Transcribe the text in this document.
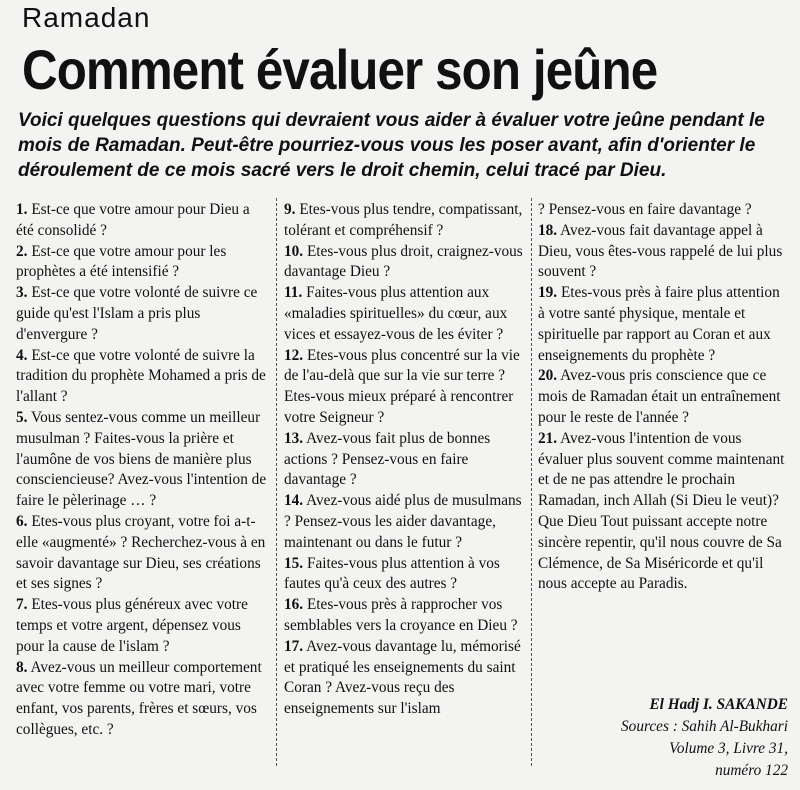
Ramadan
Comment évaluer son jeûne
Voici quelques questions qui devraient vous aider à évaluer votre jeûne pendant le mois de Ramadan. Peut-être pourriez-vous vous les poser avant, afin d'orienter le déroulement de ce mois sacré vers le droit chemin, celui tracé par Dieu.

1. Est-ce que votre amour pour Dieu a été consolidé ?

2. Est-ce que votre amour pour les prophètes a été intensifié ?

3. Est-ce que votre volonté de suivre ce guide qu'est l'Islam a pris plus d'envergure ?

4. Est-ce que votre volonté de suivre la tradition du prophète Mohamed a pris de l'allant ?

5. Vous sentez-vous comme un meilleur musulman ? Faites-vous la prière et l'aumône de vos biens de manière plus consciencieuse? Avez-vous l'intention de faire le pèlerinage … ?

6. Etes-vous plus croyant, votre foi a-t-elle «augmenté» ? Recherchez-vous à en savoir davantage sur Dieu, ses créations et ses signes ?

7. Etes-vous plus généreux avec votre temps et votre argent, dépensez vous pour la cause de l'islam ?

8. Avez-vous un meilleur comportement avec votre femme ou votre mari, votre enfant, vos parents, frères et sœurs, vos collègues, etc. ?

9. Etes-vous plus tendre, compatissant, tolérant et compréhensif ?

10. Etes-vous plus droit, craignez-vous davantage Dieu ?

11. Faites-vous plus attention aux «maladies spirituelles» du cœur, aux vices et essayez-vous de les éviter ?

12. Etes-vous plus concentré sur la vie de l'au-delà que sur la vie sur terre ? Etes-vous mieux préparé à rencontrer votre Seigneur ?

13. Avez-vous fait plus de bonnes actions ? Pensez-vous en faire davantage ?

14. Avez-vous aidé plus de musulmans ? Pensez-vous les aider davantage, maintenant ou dans le futur ?

15. Faites-vous plus attention à vos fautes qu'à ceux des autres ?

16. Etes-vous près à rapprocher vos semblables vers la croyance en Dieu ?

17. Avez-vous davantage lu, mémorisé et pratiqué les enseignements du saint Coran ? Avez-vous reçu des enseignements sur l'islam

? Pensez-vous en faire davantage ?

18. Avez-vous fait davantage appel à Dieu, vous êtes-vous rappelé de lui plus souvent ?

19. Etes-vous près à faire plus attention à votre santé physique, mentale et spirituelle par rapport au Coran et aux enseignements du prophète ?

20. Avez-vous pris conscience que ce mois de Ramadan était un entraînement pour le reste de l'année ?

21. Avez-vous l'intention de vous évaluer plus souvent comme maintenant et de ne pas attendre le prochain Ramadan, inch Allah (Si Dieu le veut)?

Que Dieu Tout puissant accepte notre sincère repentir, qu'il nous couvre de Sa Clémence, de Sa Miséricorde et qu'il nous accepte au Paradis.

El Hadj I. SAKANDE
Sources : Sahih Al-Bukhari
Volume 3, Livre 31,
numéro 122
